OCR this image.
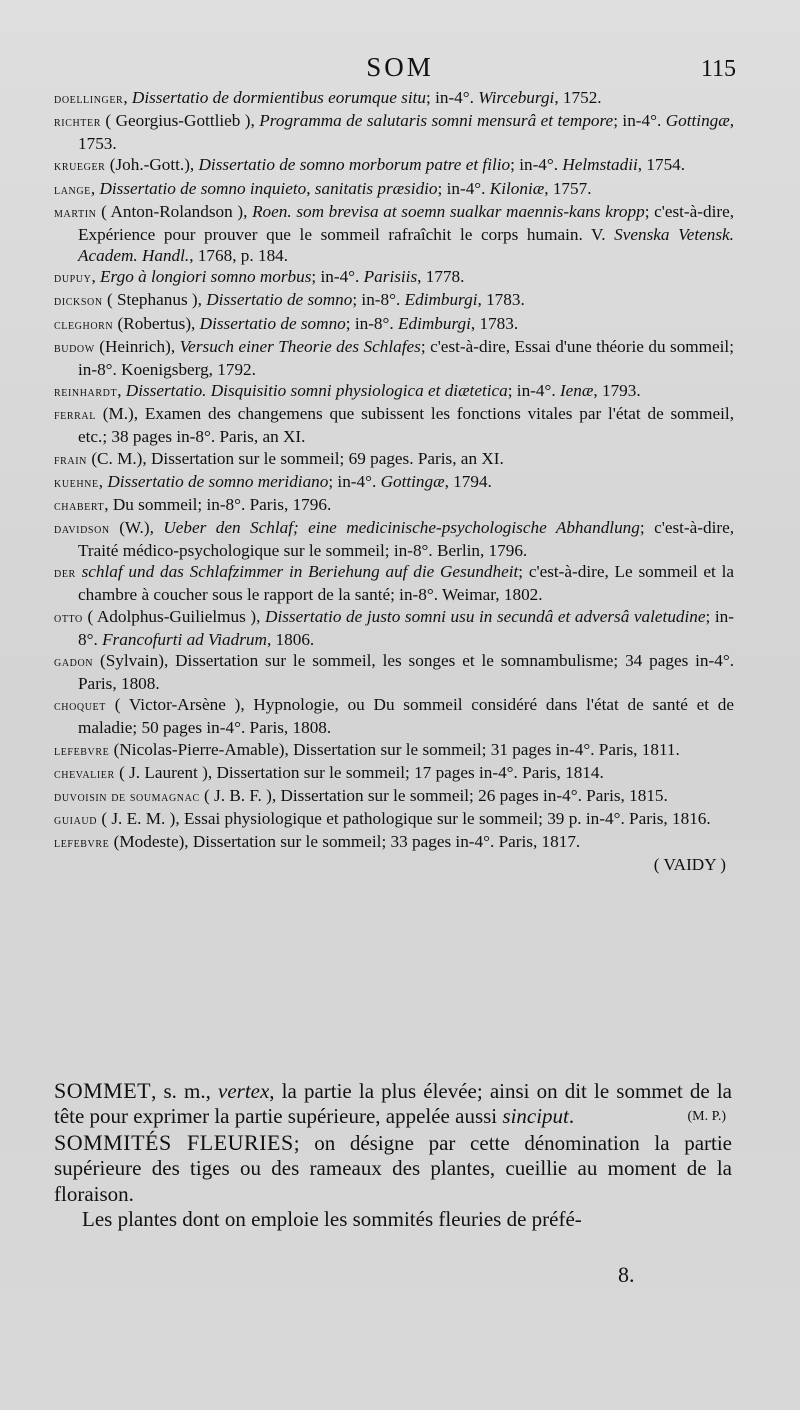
SOM	115

doellinger, Dissertatio de dormientibus eorumque situ; in-4°. Wirceburgi, 1752.

richter ( Georgius-Gottlieb ), Programma de salutaris somni mensurâ et tempore; in-4°. Gottingæ, 1753.

krueger (Joh.-Gott.), Dissertatio de somno morborum patre et filio; in-4°. Helmstadii, 1754.

lange, Dissertatio de somno inquieto, sanitatis præsidio; in-4°. Kiloniæ, 1757.

martin ( Anton-Rolandson ), Roen. som brevisa at soemn sualkar maennis-kans kropp; c'est-à-dire, Expérience pour prouver que le sommeil rafraîchit le corps humain. V. Svenska Vetensk. Academ. Handl., 1768, p. 184.

dupuy, Ergo à longiori somno morbus; in-4°. Parisiis, 1778.

dickson ( Stephanus ), Dissertatio de somno; in-8°. Edimburgi, 1783.

cleghorn (Robertus), Dissertatio de somno; in-8°. Edimburgi, 1783.

budow (Heinrich), Versuch einer Theorie des Schlafes; c'est-à-dire, Essai d'une théorie du sommeil; in-8°. Koenigsberg, 1792.

reinhardt, Dissertatio. Disquisitio somni physiologica et diætetica; in-4°. Ienæ, 1793.

ferral (M.), Examen des changemens que subissent les fonctions vitales par l'état de sommeil, etc.; 38 pages in-8°. Paris, an XI.

frain (C. M.), Dissertation sur le sommeil; 69 pages. Paris, an XI.

kuehne, Dissertatio de somno meridiano; in-4°. Gottingæ, 1794.

chabert, Du sommeil; in-8°. Paris, 1796.

davidson (W.), Ueber den Schlaf; eine medicinische-psychologische Abhandlung; c'est-à-dire, Traité médico-psychologique sur le sommeil; in-8°. Berlin, 1796.

der schlaf und das Schlafzimmer in Beriehung auf die Gesundheit; c'est-à-dire, Le sommeil et la chambre à coucher sous le rapport de la santé; in-8°. Weimar, 1802.

otto ( Adolphus-Guilielmus ), Dissertatio de justo somni usu in secundâ et adversâ valetudine; in-8°. Francofurti ad Viadrum, 1806.

gadon (Sylvain), Dissertation sur le sommeil, les songes et le somnambulisme; 34 pages in-4°. Paris, 1808.

choquet ( Victor-Arsène ), Hypnologie, ou Du sommeil considéré dans l'état de santé et de maladie; 50 pages in-4°. Paris, 1808.

lefebvre (Nicolas-Pierre-Amable), Dissertation sur le sommeil; 31 pages in-4°. Paris, 1811.

chevalier ( J. Laurent ), Dissertation sur le sommeil; 17 pages in-4°. Paris, 1814.

duvoisin de soumagnac ( J. B. F. ), Dissertation sur le sommeil; 26 pages in-4°. Paris, 1815.

guiaud ( J. E. M. ), Essai physiologique et pathologique sur le sommeil; 39 p. in-4°. Paris, 1816.

lefebvre (Modeste), Dissertation sur le sommeil; 33 pages in-4°. Paris, 1817.

( VAIDY )

SOMMET, s. m., vertex, la partie la plus élevée; ainsi on dit le sommet de la tête pour exprimer la partie supérieure, appelée aussi sinciput.	(M. P.)

SOMMITÉS FLEURIES; on désigne par cette dénomination la partie supérieure des tiges ou des rameaux des plantes, cueillie au moment de la floraison.

Les plantes dont on emploie les sommités fleuries de préfé-

8.
